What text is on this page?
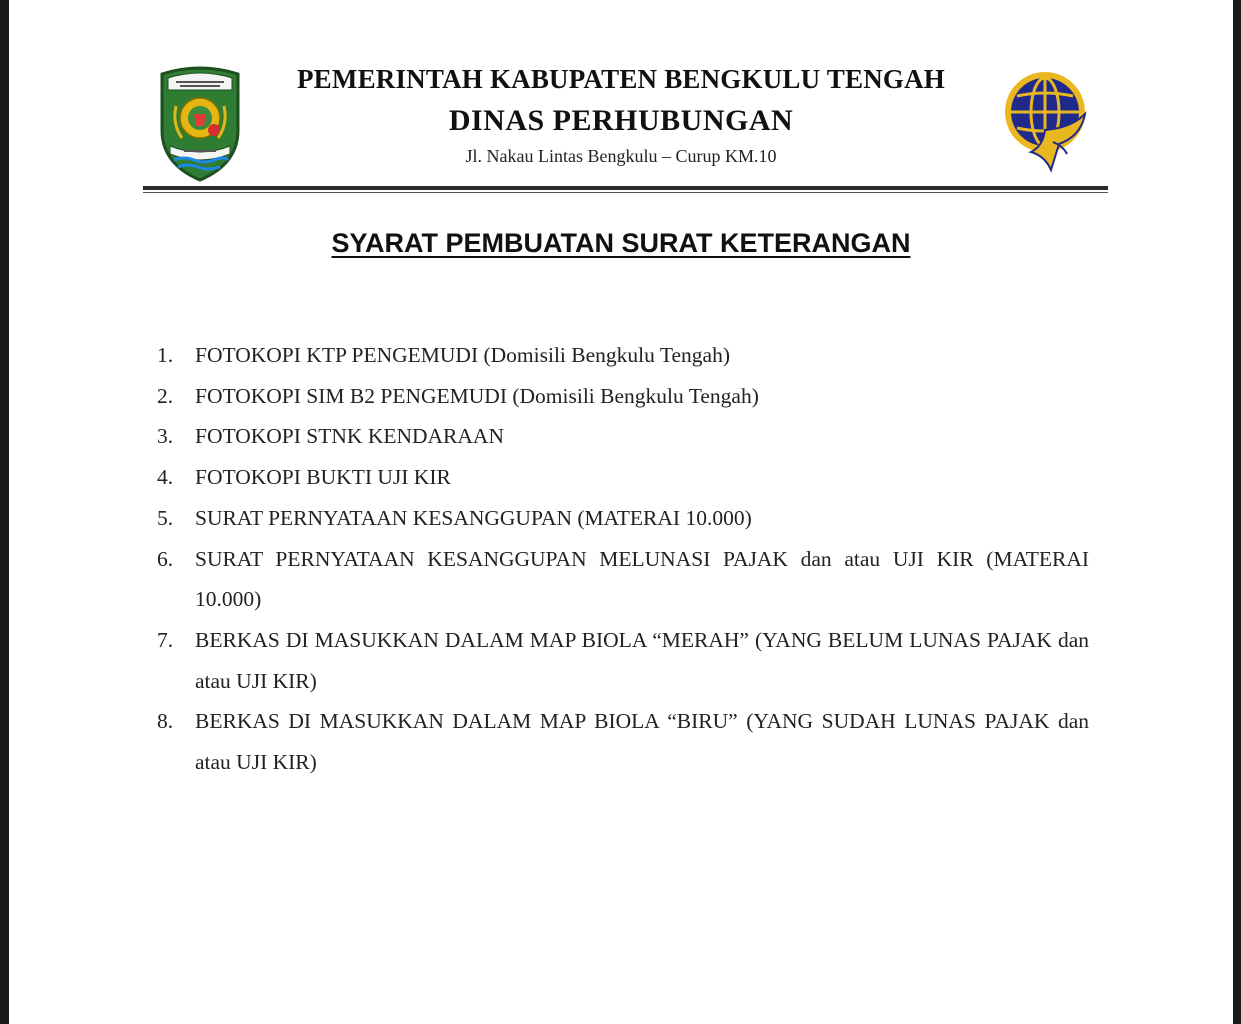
PEMERINTAH KABUPATEN BENGKULU TENGAH
DINAS PERHUBUNGAN
Jl. Nakau Lintas Bengkulu – Curup KM.10
SYARAT PEMBUATAN SURAT KETERANGAN
1. FOTOKOPI KTP PENGEMUDI (Domisili Bengkulu Tengah)
2. FOTOKOPI SIM B2 PENGEMUDI (Domisili Bengkulu Tengah)
3. FOTOKOPI STNK KENDARAAN
4. FOTOKOPI BUKTI UJI KIR
5. SURAT PERNYATAAN KESANGGUPAN (MATERAI 10.000)
6. SURAT PERNYATAAN KESANGGUPAN MELUNASI PAJAK dan atau UJI KIR (MATERAI 10.000)
7. BERKAS DI MASUKKAN DALAM MAP BIOLA “MERAH” (YANG BELUM LUNAS PAJAK dan atau UJI KIR)
8. BERKAS DI MASUKKAN DALAM MAP BIOLA “BIRU” (YANG SUDAH LUNAS PAJAK dan atau UJI KIR)
